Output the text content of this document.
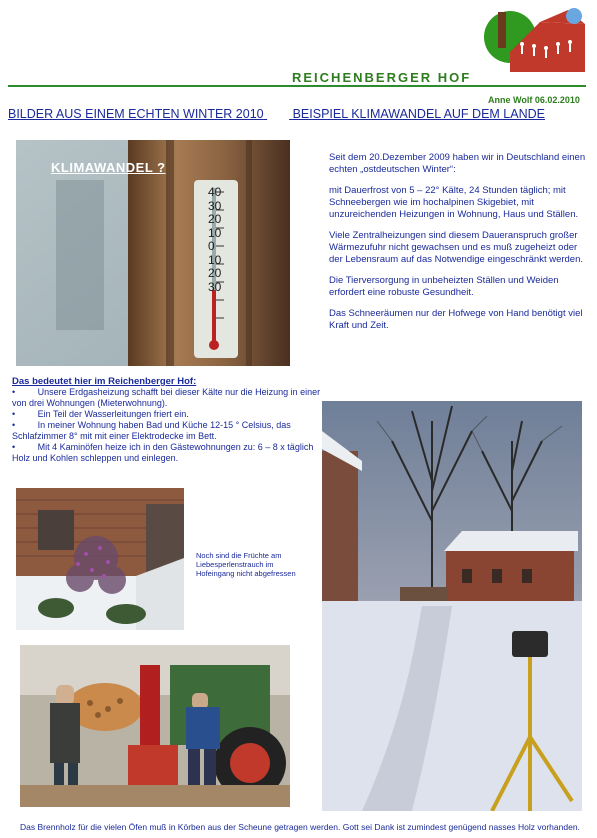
REICHENBERGER HOF
Anne Wolf 06.02.2010
BILDER AUS EINEM ECHTEN WINTER 2010 BEISPIEL KLIMAWANDEL AUF DEM LANDE
KLIMAWANDEL ?
40
30
20
10
0
10
20
30

Seit dem 20.Dezember 2009 haben wir in Deutschland einen echten „ostdeutschen Winter“:

mit Dauerfrost von 5 – 22° Kälte, 24 Stunden täglich; mit Schneebergen wie im hochalpinen Skigebiet, mit unzureichenden Heizungen in Wohnung, Haus und Ställen.

Viele Zentralheizungen sind diesem Daueranspruch großer Wärmezufuhr nicht gewachsen und es muß zugeheizt oder der Lebensraum auf das Notwendige eingeschränkt werden.

Die Tierversorgung in unbeheizten Ställen und Weiden erfordert eine robuste Gesundheit.

Das Schneeräumen nur der Hofwege von Hand benötigt viel Kraft und Zeit.

Das bedeutet hier im Reichenberger Hof:
•         Unsere Erdgasheizung schafft bei dieser Kälte nur die Heizung in einer von drei Wohnungen (Mieterwohnung).
•         Ein Teil der Wasserleitungen friert ein.
•         In meiner Wohnung haben Bad und Küche 12-15 ° Celsius, das Schlafzimmer 8° mit mit einer Elektrodecke im Bett.
•         Mit 4 Kaminöfen heize ich in den Gästewohnungen zu: 6 – 8 x täglich Holz und Kohlen schleppen und einlegen.
Noch sind die Früchte am Liebesperlenstrauch im Hofeingang nicht abgefressen
Das Brennholz für die vielen Öfen muß in Körben aus der Scheune getragen werden. Gott sei Dank ist zumindest genügend nasses Holz vorhanden.
